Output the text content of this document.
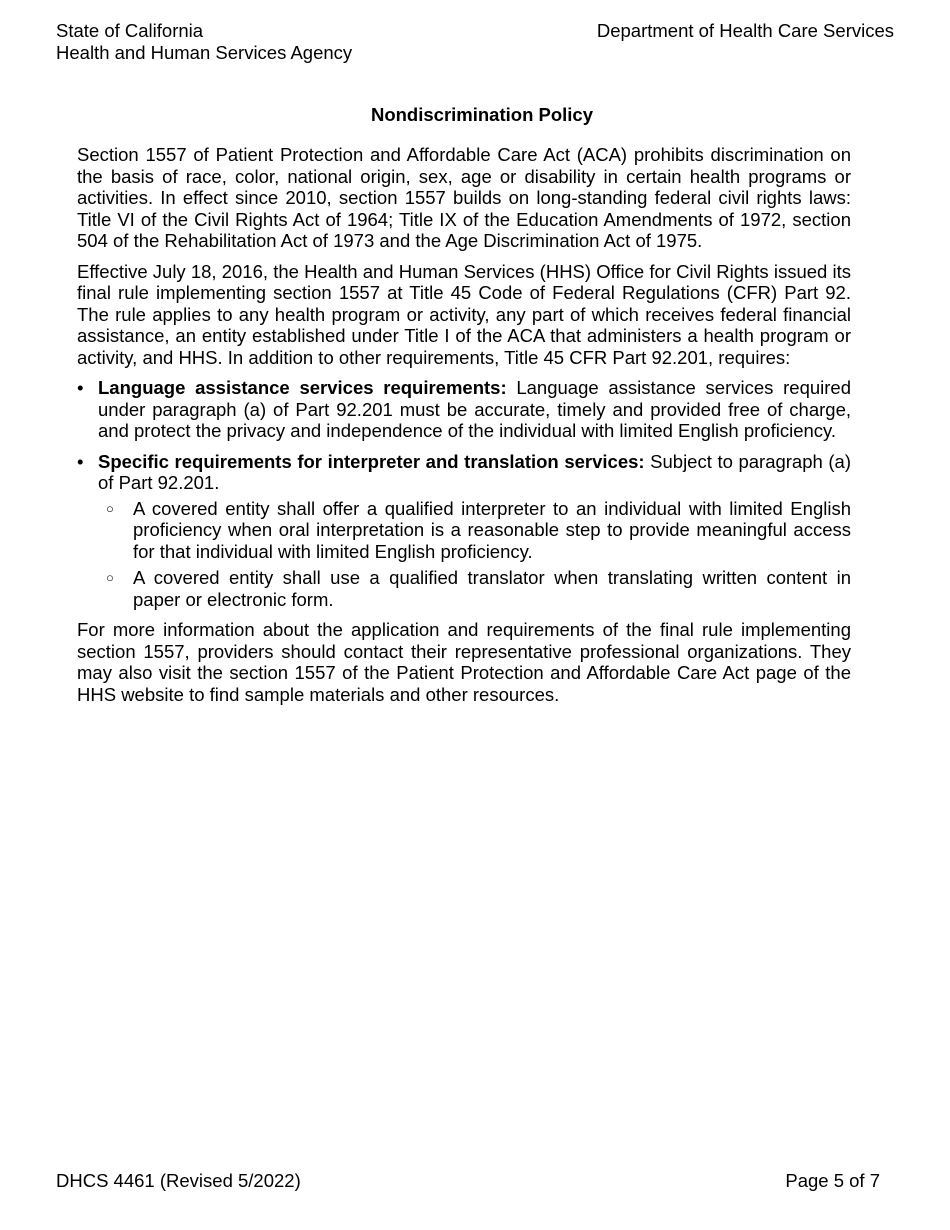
State of California
Health and Human Services Agency
Department of Health Care Services
Nondiscrimination Policy

Section 1557 of Patient Protection and Affordable Care Act (ACA) prohibits discrimination on the basis of race, color, national origin, sex, age or disability in certain health programs or activities. In effect since 2010, section 1557 builds on long-standing federal civil rights laws: Title VI of the Civil Rights Act of 1964; Title IX of the Education Amendments of 1972, section 504 of the Rehabilitation Act of 1973 and the Age Discrimination Act of 1975.

Effective July 18, 2016, the Health and Human Services (HHS) Office for Civil Rights issued its final rule implementing section 1557 at Title 45 Code of Federal Regulations (CFR) Part 92. The rule applies to any health program or activity, any part of which receives federal financial assistance, an entity established under Title I of the ACA that administers a health program or activity, and HHS. In addition to other requirements, Title 45 CFR Part 92.201, requires:

• Language assistance services requirements: Language assistance services required under paragraph (a) of Part 92.201 must be accurate, timely and provided free of charge, and protect the privacy and independence of the individual with limited English proficiency.
• Specific requirements for interpreter and translation services: Subject to paragraph (a) of Part 92.201.
○ A covered entity shall offer a qualified interpreter to an individual with limited English proficiency when oral interpretation is a reasonable step to provide meaningful access for that individual with limited English proficiency.
○ A covered entity shall use a qualified translator when translating written content in paper or electronic form.

For more information about the application and requirements of the final rule implementing section 1557, providers should contact their representative professional organizations. They may also visit the section 1557 of the Patient Protection and Affordable Care Act page of the HHS website to find sample materials and other resources.

DHCS 4461 (Revised 5/2022)	Page 5 of 7
